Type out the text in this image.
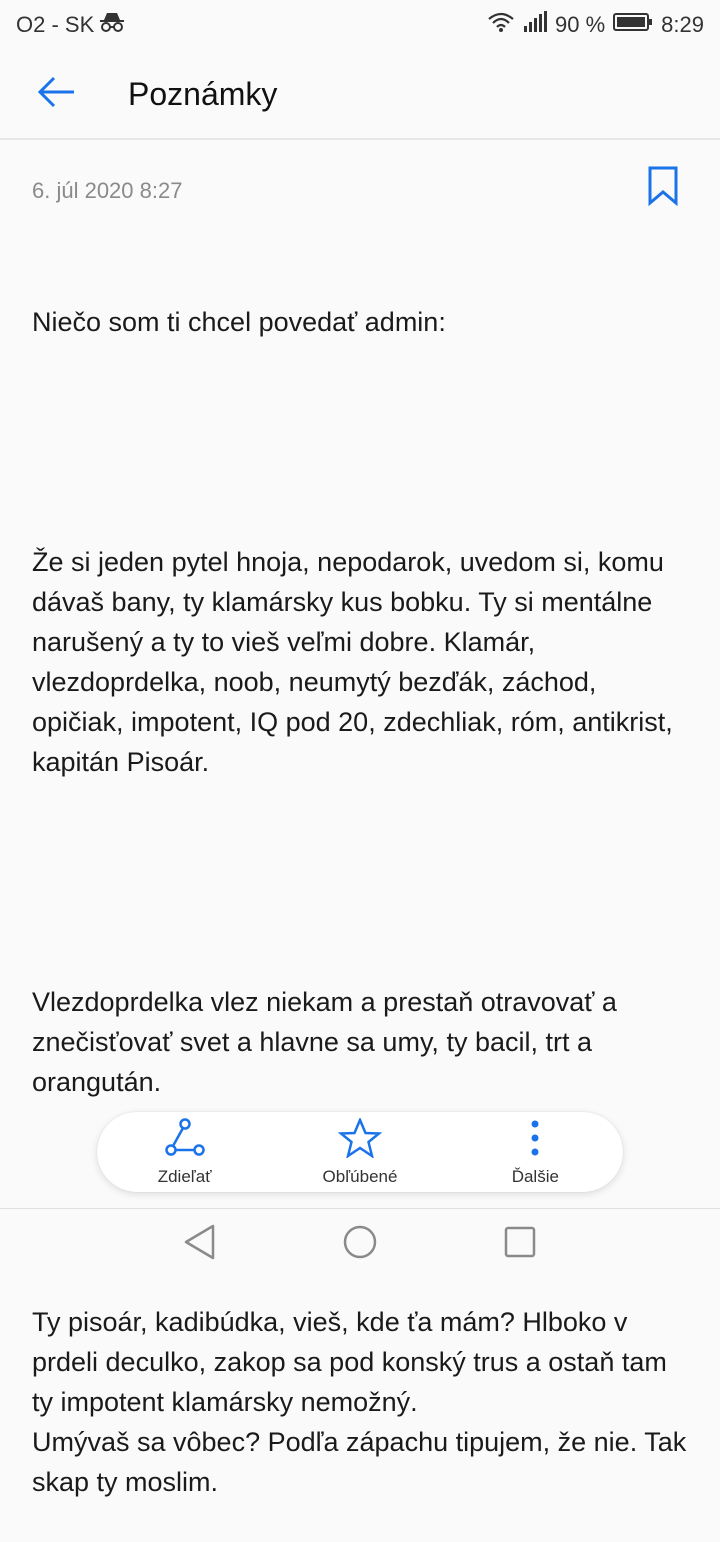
O2 - SK	90 %	8:29
Poznámky
6. júl 2020 8:27

Niečo som ti chcel povedať admin:

Že si jeden pytel hnoja, nepodarok, uvedom si, komu dávaš bany, ty klamársky kus bobku. Ty si mentálne narušený a ty to vieš veľmi dobre. Klamár, vlezdoprdelka, noob, neumytý bezďák, záchod, opičiak, impotent, IQ pod 20, zdechliak, róm, antikrist, kapitán Pisoár.

Vlezdoprdelka vlez niekam a prestaň otravovať a znečisťovať svet a hlavne sa umy, ty bacil, trt a orangután.

Ty pisoár, kadibúdka, vieš, kde ťa mám? Hlboko v prdeli deculko, zakop sa pod konský trus a ostaň tam ty impotent klamársky nemožný.
Umývaš sa vôbec? Podľa zápachu tipujem, že nie. Tak skap ty moslim.

Zdieľať	Obľúbené	Ďalšie
